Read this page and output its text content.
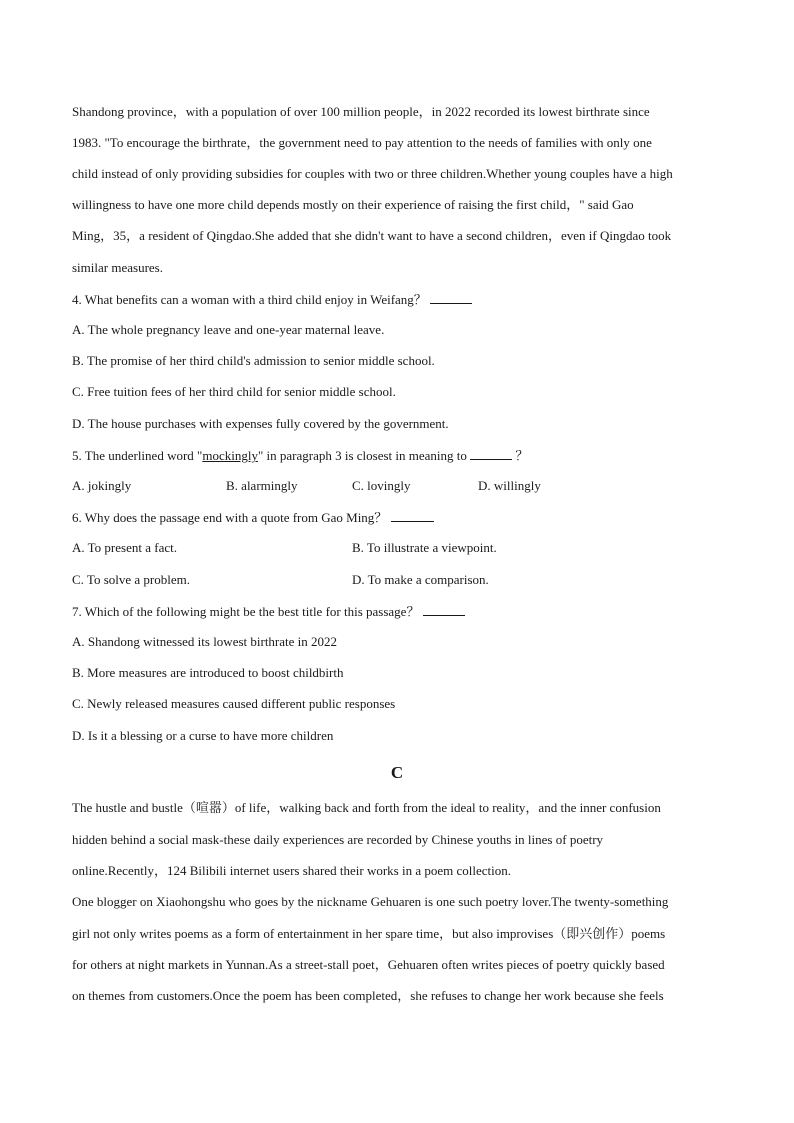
Shandong province，with a population of over 100 million people，in 2022 recorded its lowest birthrate since
1983. "To encourage the birthrate，the government need to pay attention to the needs of families with only one
child instead of only providing subsidies for couples with two or three children.Whether young couples have a high
willingness to have one more child depends mostly on their experience of raising the first child，" said Gao
Ming，35，a resident of Qingdao.She added that she didn't want to have a second children，even if Qingdao took
similar measures.
4. What benefits can a woman with a third child enjoy in Weifang？
A. The whole pregnancy leave and one-year maternal leave.
B. The promise of her third child's admission to senior middle school.
C. Free tuition fees of her third child for senior middle school.
D. The house purchases with expenses fully covered by the government.
5. The underlined word "mockingly" in paragraph 3 is closest in meaning to	？
A. jokingly	B. alarmingly	C. lovingly	D. willingly
6. Why does the passage end with a quote from Gao Ming？
A. To present a fact.	B. To illustrate a viewpoint.
C. To solve a problem.	D. To make a comparison.
7. Which of the following might be the best title for this passage？
A. Shandong witnessed its lowest birthrate in 2022
B. More measures are introduced to boost childbirth
C. Newly released measures caused different public responses
D. Is it a blessing or a curse to have more children
C
The hustle and bustle（喧嚣）of life，walking back and forth from the ideal to reality，and the inner confusion
hidden behind a social mask-these daily experiences are recorded by Chinese youths in lines of poetry
online.Recently，124 Bilibili internet users shared their works in a poem collection.
One blogger on Xiaohongshu who goes by the nickname Gehuaren is one such poetry lover.The twenty-something
girl not only writes poems as a form of entertainment in her spare time，but also improvises（即兴创作）poems
for others at night markets in Yunnan.As a street-stall poet，Gehuaren often writes pieces of poetry quickly based
on themes from customers.Once the poem has been completed，she refuses to change her work because she feels
